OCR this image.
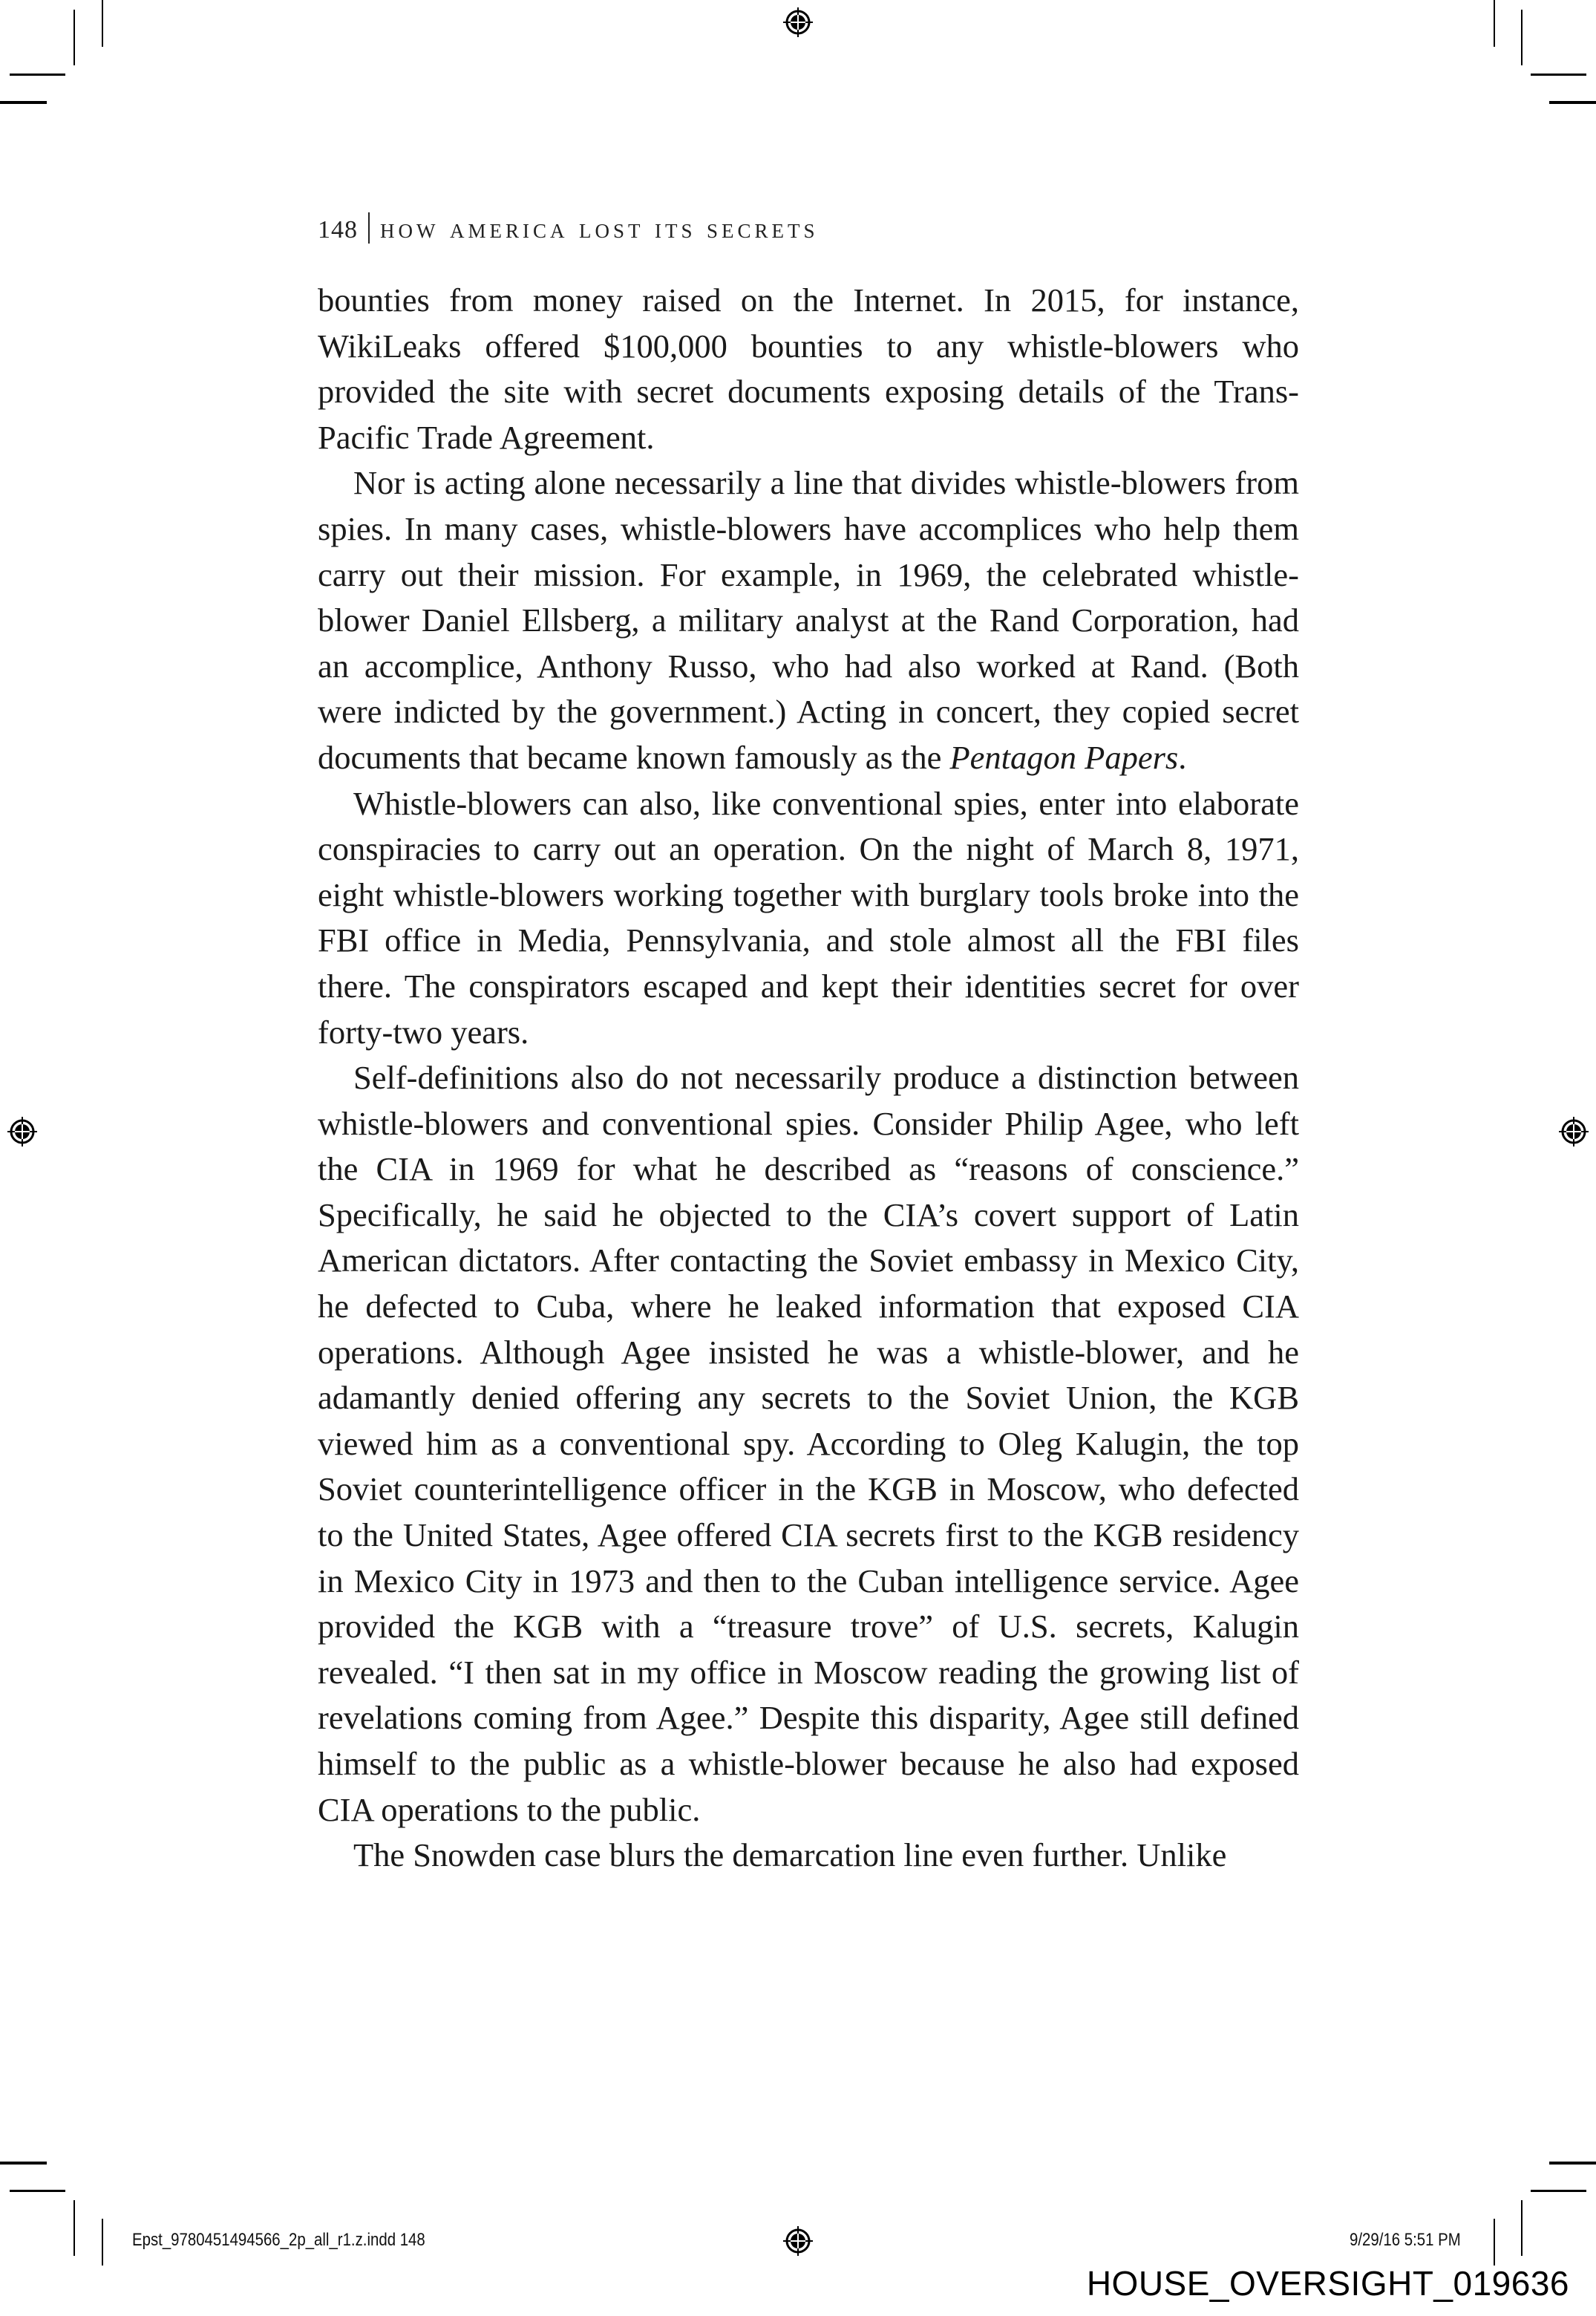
148 how america lost its secrets

bounties from money raised on the Internet. In 2015, for instance, WikiLeaks offered $100,000 bounties to any whistle-blowers who provided the site with secret documents exposing details of the Trans-Pacific Trade Agreement.

Nor is acting alone necessarily a line that divides whistle-blowers from spies. In many cases, whistle-blowers have accomplices who help them carry out their mission. For example, in 1969, the celebrated whistle-blower Daniel Ellsberg, a military analyst at the Rand Corporation, had an accomplice, Anthony Russo, who had also worked at Rand. (Both were indicted by the government.) Acting in concert, they copied secret documents that became known famously as the Pentagon Papers.

Whistle-blowers can also, like conventional spies, enter into elaborate conspiracies to carry out an operation. On the night of March 8, 1971, eight whistle-blowers working together with burglary tools broke into the FBI office in Media, Pennsylvania, and stole almost all the FBI files there. The conspirators escaped and kept their identities secret for over forty-two years.

Self-definitions also do not necessarily produce a distinction between whistle-blowers and conventional spies. Consider Philip Agee, who left the CIA in 1969 for what he described as “reasons of conscience.” Specifically, he said he objected to the CIA’s covert support of Latin American dictators. After contacting the Soviet embassy in Mexico City, he defected to Cuba, where he leaked information that exposed CIA operations. Although Agee insisted he was a whistle-blower, and he adamantly denied offering any secrets to the Soviet Union, the KGB viewed him as a conventional spy. According to Oleg Kalugin, the top Soviet counterintelligence officer in the KGB in Moscow, who defected to the United States, Agee offered CIA secrets first to the KGB residency in Mexico City in 1973 and then to the Cuban intelligence service. Agee provided the KGB with a “treasure trove” of U.S. secrets, Kalugin revealed. “I then sat in my office in Moscow reading the growing list of revelations coming from Agee.” Despite this disparity, Agee still defined himself to the public as a whistle-blower because he also had exposed CIA operations to the public.

The Snowden case blurs the demarcation line even further. Unlike

Epst_9780451494566_2p_all_r1.z.indd 148	9/29/16 5:51 PM
HOUSE_OVERSIGHT_019636
